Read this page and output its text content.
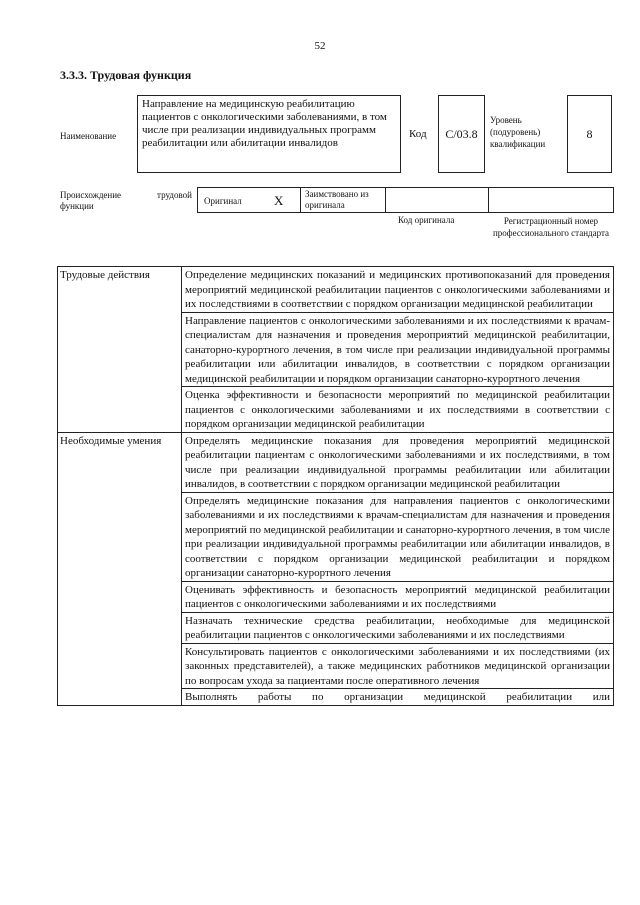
52
3.3.3. Трудовая функция
Наименование
Направление на медицинскую реабилитацию пациентов с онкологическими заболеваниями, в том числе при реализации индивидуальных программ реабилитации или абилитации инвалидов
Код	С/03.8
Уровень (подуровень) квалификации
8
Происхождение трудовой
функции	Оригинал X	Заимствовано из оригинала
Код оригинала	Регистрационный номер профессионального стандарта
Трудовые действия	Определение медицинских показаний и медицинских противопоказаний для проведения мероприятий медицинской реабилитации пациентов с онкологическими заболеваниями и их последствиями в соответствии с порядком организации медицинской реабилитации
	Направление пациентов с онкологическими заболеваниями и их последствиями к врачам-специалистам для назначения и проведения мероприятий медицинской реабилитации, санаторно-курортного лечения, в том числе при реализации индивидуальной программы реабилитации или абилитации инвалидов, в соответствии с порядком организации медицинской реабилитации и порядком организации санаторно-курортного лечения
	Оценка эффективности и безопасности мероприятий по медицинской реабилитации пациентов с онкологическими заболеваниями и их последствиями в соответствии с порядком организации медицинской реабилитации
Необходимые умения	Определять медицинские показания для проведения мероприятий медицинской реабилитации пациентам с онкологическими заболеваниями и их последствиями, в том числе при реализации индивидуальной программы реабилитации или абилитации инвалидов, в соответствии с порядком организации медицинской реабилитации
	Определять медицинские показания для направления пациентов с онкологическими заболеваниями и их последствиями к врачам-специалистам для назначения и проведения мероприятий по медицинской реабилитации и санаторно-курортного лечения, в том числе при реализации индивидуальной программы реабилитации или абилитации инвалидов, в соответствии с порядком организации медицинской реабилитации и порядком организации санаторно-курортного лечения
	Оценивать эффективность и безопасность мероприятий медицинской реабилитации пациентов с онкологическими заболеваниями и их последствиями
	Назначать технические средства реабилитации, необходимые для медицинской реабилитации пациентов с онкологическими заболеваниями и их последствиями
	Консультировать пациентов с онкологическими заболеваниями и их последствиями (их законных представителей), а также медицинских работников медицинской организации по вопросам ухода за пациентами после оперативного лечения
	Выполнять работы по организации медицинской реабилитации или
